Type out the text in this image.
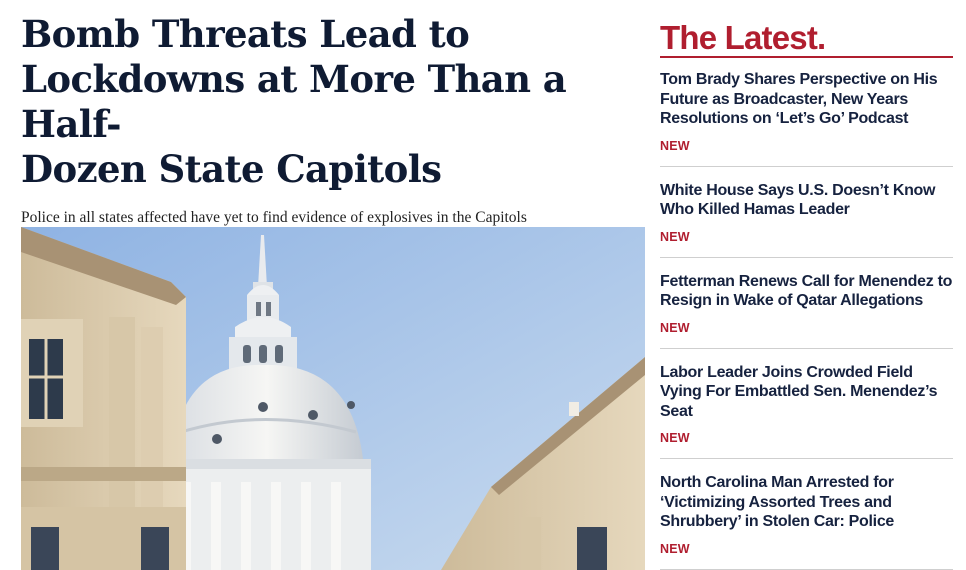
Bomb Threats Lead to
Lockdowns at More Than a Half-
Dozen State Capitols

Police in all states affected have yet to find evidence of explosives in the Capitols

The Latest.
Tom Brady Shares Perspective on His Future as Broadcaster, New Years Resolutions on ‘Let’s Go’ Podcast
NEW
White House Says U.S. Doesn’t Know Who Killed Hamas Leader
NEW
Fetterman Renews Call for Menendez to Resign in Wake of Qatar Allegations
NEW
Labor Leader Joins Crowded Field Vying For Embattled Sen. Menendez’s Seat
NEW
North Carolina Man Arrested for ‘Victimizing Assorted Trees and Shrubbery’ in Stolen Car: Police
NEW
